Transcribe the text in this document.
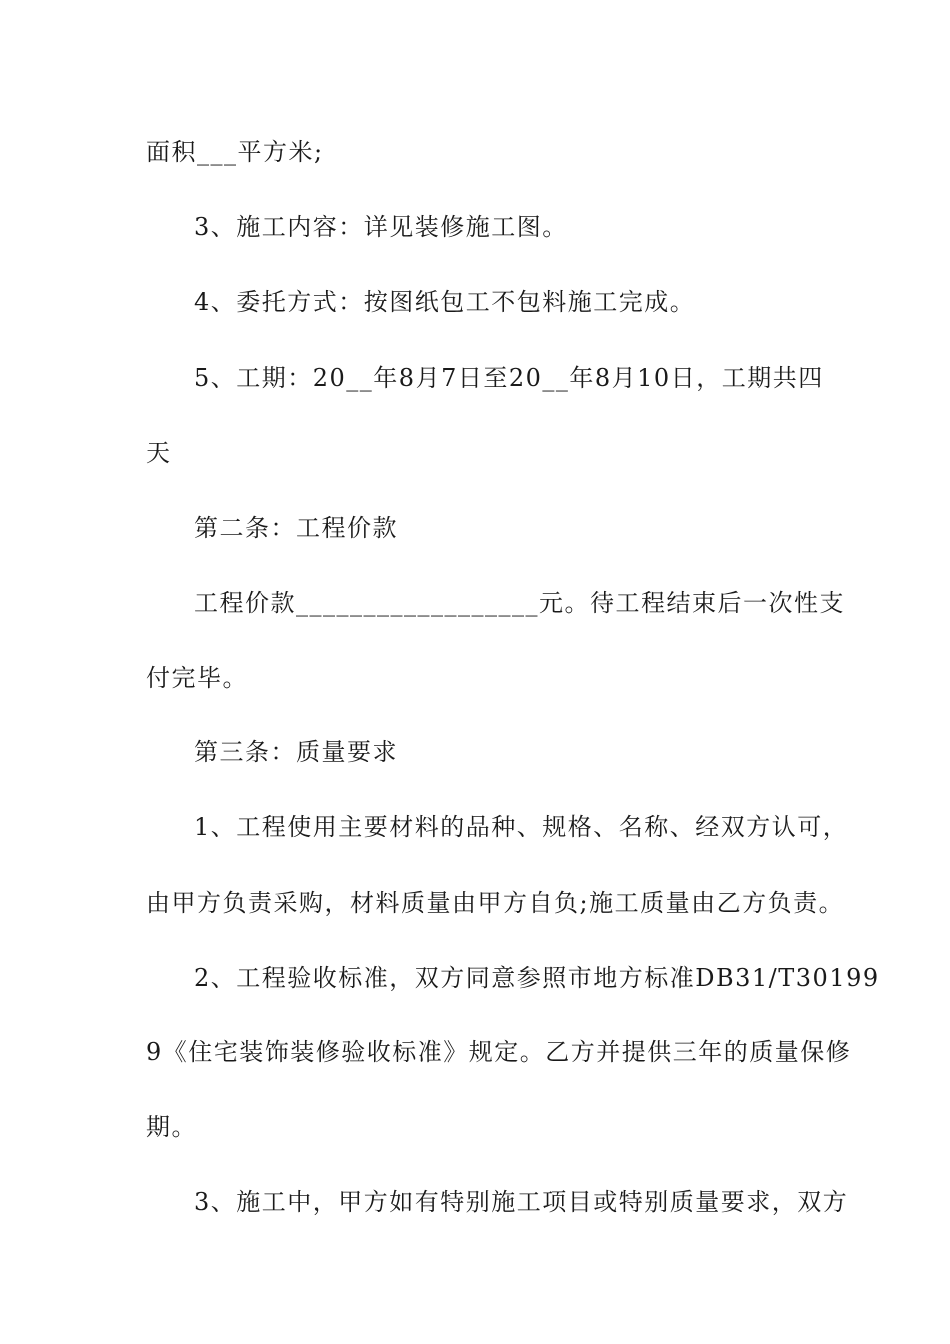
面积___平方米;
3、施工内容：详见装修施工图。
4、委托方式：按图纸包工不包料施工完成。
5、工期：20__年8月7日至20__年8月10日，工期共四
天
第二条：工程价款
工程价款__________________元。待工程结束后一次性支
付完毕。
第三条：质量要求
1、工程使用主要材料的品种、规格、名称、经双方认可，
由甲方负责采购，材料质量由甲方自负;施工质量由乙方负责。
2、工程验收标准，双方同意参照市地方标准DB31/T30199
9《住宅装饰装修验收标准》规定。乙方并提供三年的质量保修
期。
3、施工中，甲方如有特别施工项目或特别质量要求，双方
